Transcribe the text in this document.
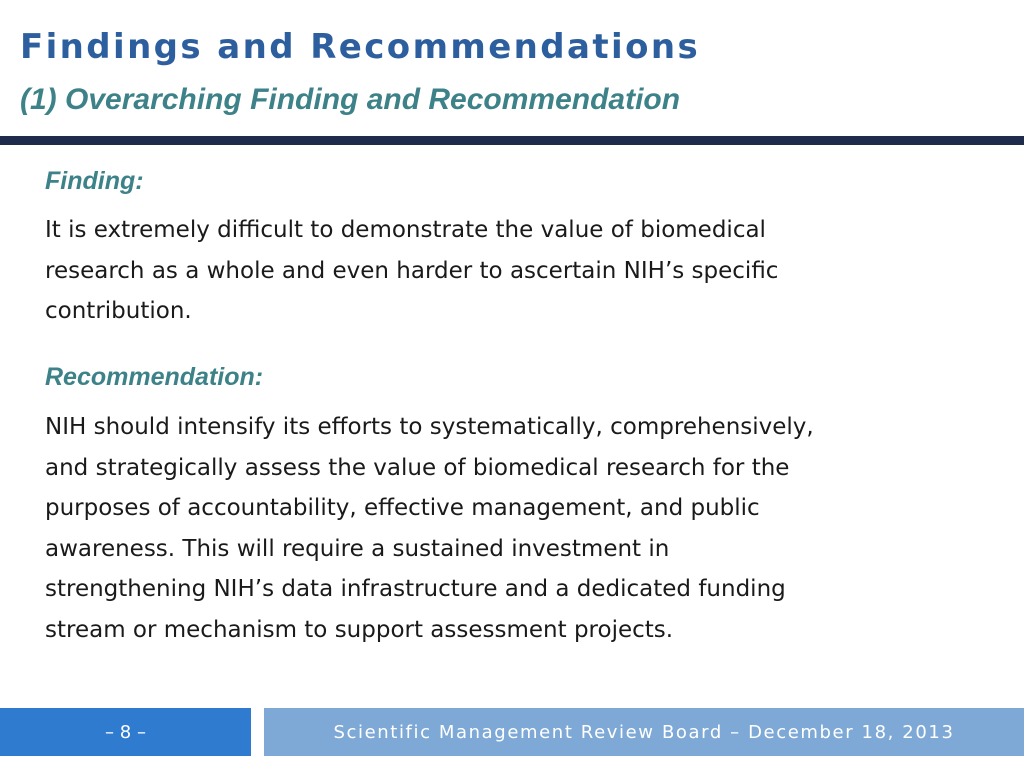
Findings and Recommendations
(1) Overarching Finding and Recommendation
Finding:
It is extremely difficult to demonstrate the value of biomedical
research as a whole and even harder to ascertain NIH’s specific
contribution.
Recommendation:
NIH should intensify its efforts to systematically, comprehensively,
and strategically assess the value of biomedical research for the
purposes of accountability, effective management, and public
awareness. This will require a sustained investment in
strengthening NIH’s data infrastructure and a dedicated funding
stream or mechanism to support assessment projects.
– 8 –	Scientific Management Review Board – December 18, 2013
